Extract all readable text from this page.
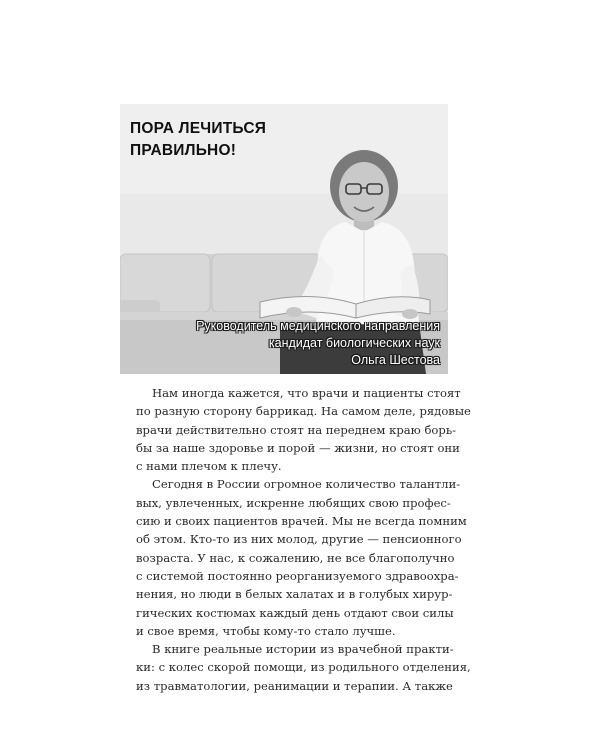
ПОРА ЛЕЧИТЬСЯ
ПРАВИЛЬНО!
Руководитель медицинского направления
кандидат биологических наук
Ольга Шестова

Нам иногда кажется, что врачи и пациенты стоят
по разную сторону баррикад. На самом деле, рядовые
врачи действительно стоят на переднем краю борь-
бы за наше здоровье и порой — жизни, но стоят они
с нами плечом к плечу.

Сегодня в России огромное количество талантли-
вых, увлеченных, искренне любящих свою профес-
сию и своих пациентов врачей. Мы не всегда помним
об этом. Кто-то из них молод, другие — пенсионного
возраста. У нас, к сожалению, не все благополучно
с системой постоянно реорганизуемого здравоохра-
нения, но люди в белых халатах и в голубых хирур-
гических костюмах каждый день отдают свои силы
и свое время, чтобы кому-то стало лучше.

В книге реальные истории из врачебной практи-
ки: с колес скорой помощи, из родильного отделения,
из травматологии, реанимации и терапии. А также
